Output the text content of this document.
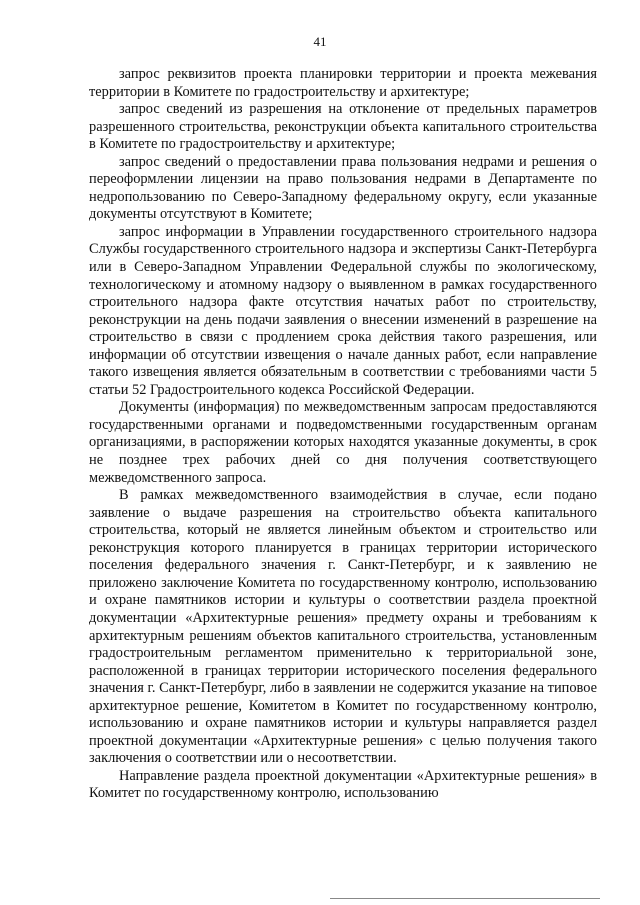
41

запрос реквизитов проекта планировки территории и проекта межевания территории в Комитете по градостроительству и архитектуре;

запрос сведений из разрешения на отклонение от предельных параметров разрешенного строительства, реконструкции объекта капитального строительства в Комитете по градостроительству и архитектуре;

запрос сведений о предоставлении права пользования недрами и решения о переоформлении лицензии на право пользования недрами в Департаменте по недропользованию по Северо-Западному федеральному округу, если указанные документы отсутствуют в Комитете;

запрос информации в Управлении государственного строительного надзора Службы государственного строительного надзора и экспертизы Санкт-Петербурга или в Северо-Западном Управлении Федеральной службы по экологическому, технологическому и атомному надзору о выявленном в рамках государственного строительного надзора факте отсутствия начатых работ по строительству, реконструкции на день подачи заявления о внесении изменений в разрешение на строительство в связи с продлением срока действия такого разрешения, или информации об отсутствии извещения о начале данных работ, если направление такого извещения является обязательным в соответствии с требованиями части 5 статьи 52 Градостроительного кодекса Российской Федерации.

Документы (информация) по межведомственным запросам предоставляются государственными органами и подведомственными государственным органам организациями, в распоряжении которых находятся указанные документы, в срок не позднее трех рабочих дней со дня получения соответствующего межведомственного запроса.

В рамках межведомственного взаимодействия в случае, если подано заявление о выдаче разрешения на строительство объекта капитального строительства, который не является линейным объектом и строительство или реконструкция которого планируется в границах территории исторического поселения федерального значения г. Санкт-Петербург, и к заявлению не приложено заключение Комитета по государственному контролю, использованию и охране памятников истории и культуры о соответствии раздела проектной документации «Архитектурные решения» предмету охраны и требованиям к архитектурным решениям объектов капитального строительства, установленным градостроительным регламентом применительно к территориальной зоне, расположенной в границах территории исторического поселения федерального значения г. Санкт-Петербург, либо в заявлении не содержится указание на типовое архитектурное решение, Комитетом в Комитет по государственному контролю, использованию и охране памятников истории и культуры направляется раздел проектной документации «Архитектурные решения» с целью получения такого заключения о соответствии или о несоответствии.

Направление раздела проектной документации «Архитектурные решения» в Комитет по государственному контролю, использованию
